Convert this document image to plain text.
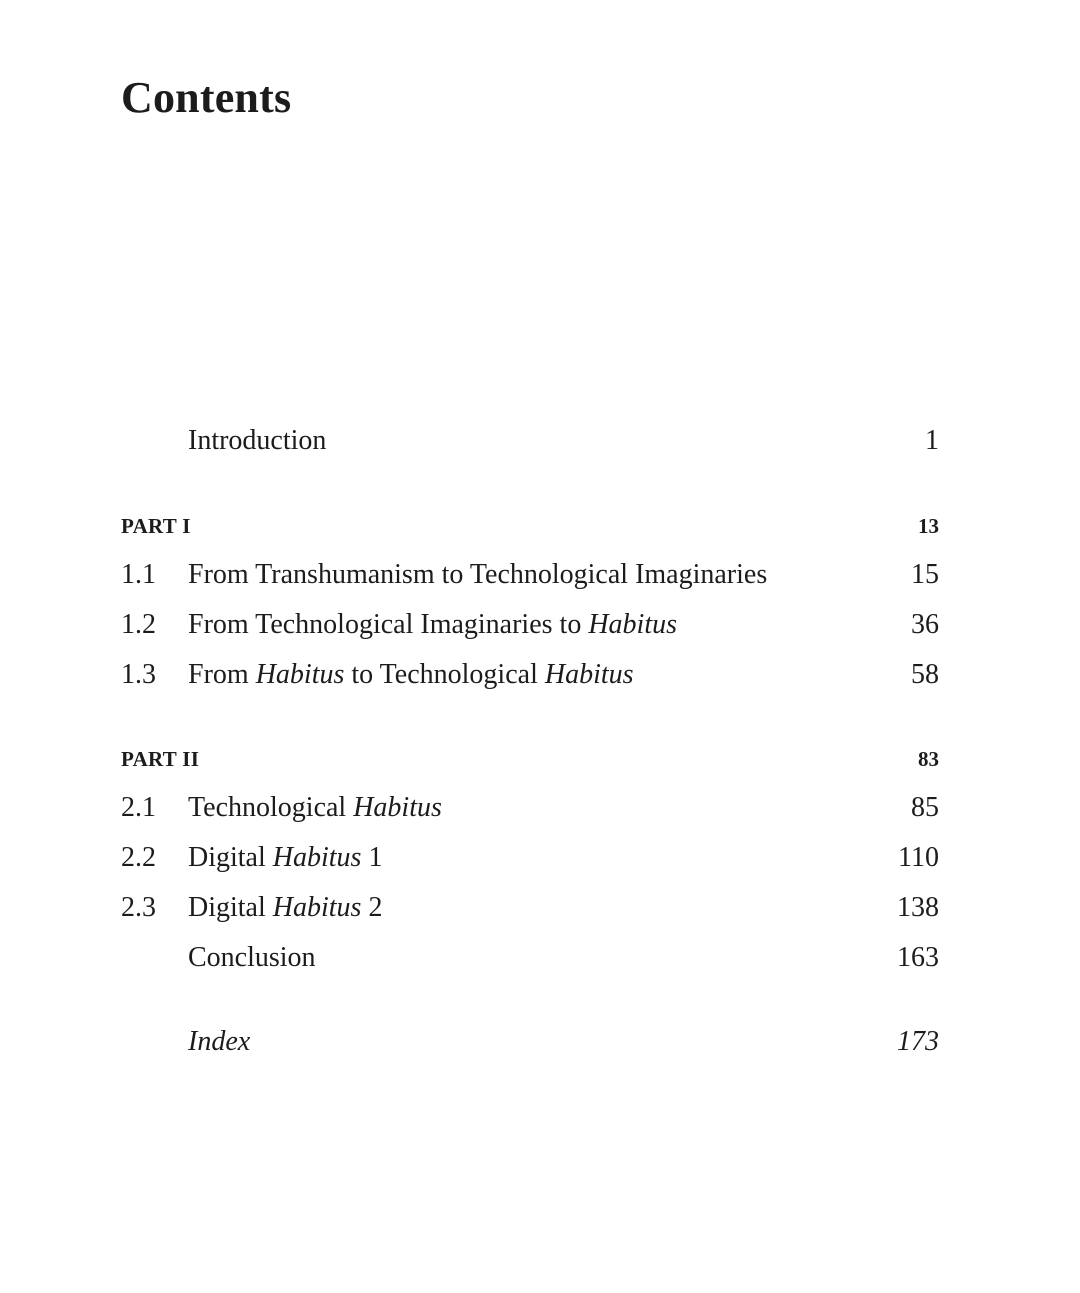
Contents
Introduction	1
PART I	13
1.1 From Transhumanism to Technological Imaginaries	15
1.2 From Technological Imaginaries to Habitus	36
1.3 From Habitus to Technological Habitus	58
PART II	83
2.1 Technological Habitus	85
2.2 Digital Habitus 1	110
2.3 Digital Habitus 2	138
Conclusion	163
Index	173
